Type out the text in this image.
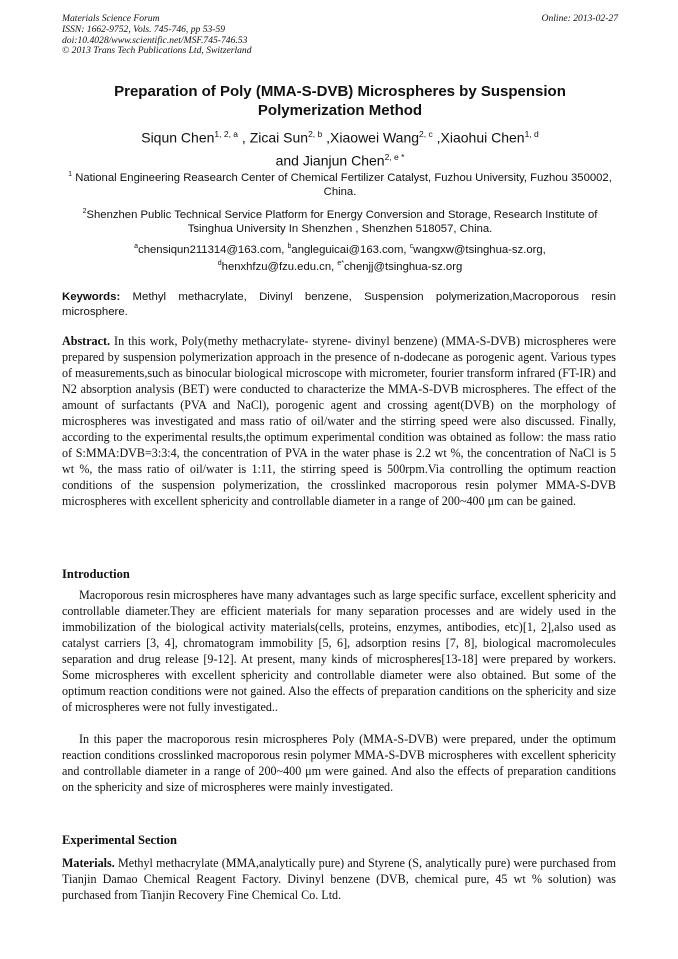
Materials Science Forum
ISSN: 1662-9752, Vols. 745-746, pp 53-59
doi:10.4028/www.scientific.net/MSF.745-746.53
© 2013 Trans Tech Publications Ltd, Switzerland
Online: 2013-02-27
Preparation of Poly (MMA-S-DVB) Microspheres by Suspension Polymerization Method
Siqun Chen$^{1, 2, a}$ , Zicai Sun$^{2, b}$ ,Xiaowei Wang$^{2, c}$ ,Xiaohui Chen$^{1, d}$
and Jianjun Chen$^{2, e *}$
$^1$ National Engineering Reasearch Center of Chemical Fertilizer Catalyst, Fuzhou University, Fuzhou 350002, China.
$^2$Shenzhen Public Technical Service Platform for Energy Conversion and Storage, Research Institute of Tsinghua University In Shenzhen , Shenzhen 518057, China.
$^a$chensiqun211314@163.com, $^b$angleguicai@163.com, $^c$wangxw@tsinghua-sz.org,
$^d$henxhfzu@fzu.edu.cn, $^{e*}$chenjj@tsinghua-sz.org
Keywords: Methyl methacrylate, Divinyl benzene, Suspension polymerization,Macroporous resin microsphere.
Abstract. In this work, Poly(methy methacrylate- styrene- divinyl benzene) (MMA-S-DVB) microspheres were prepared by suspension polymerization approach in the presence of n-dodecane as porogenic agent. Various types of measurements,such as binocular biological microscope with micrometer, fourier transform infrared (FT-IR) and N2 absorption analysis (BET) were conducted to characterize the MMA-S-DVB microspheres. The effect of the amount of surfactants (PVA and NaCl), porogenic agent and crossing agent(DVB) on the morphology of microspheres was investigated and mass ratio of oil/water and the stirring speed were also discussed. Finally, according to the experimental results,the optimum experimental condition was obtained as follow: the mass ratio of S:MMA:DVB=3:3:4, the concentration of PVA in the water phase is 2.2 wt %, the concentration of NaCl is 5 wt %, the mass ratio of oil/water is 1:11, the stirring speed is 500rpm.Via controlling the optimum reaction conditions of the suspension polymerization, the crosslinked macroporous resin polymer MMA-S-DVB microspheres with excellent sphericity and controllable diameter in a range of 200~400 μm can be gained.
Introduction
Macroporous resin microspheres have many advantages such as large specific surface, excellent sphericity and controllable diameter.They are efficient materials for many separation processes and are widely used in the immobilization of the biological activity materials(cells, proteins, enzymes, antibodies, etc)[1, 2],also used as catalyst carriers [3, 4], chromatogram immobility [5, 6], adsorption resins [7, 8], biological macromolecules separation and drug release [9-12]. At present, many kinds of microspheres[13-18] were prepared by workers. Some microspheres with excellent sphericity and controllable diameter were also obtained. But some of the optimum reaction conditions were not gained. Also the effects of preparation canditions on the sphericity and size of microspheres were not fully investigated..
In this paper the macroporous resin microspheres Poly (MMA-S-DVB) were prepared, under the optimum reaction conditions crosslinked macroporous resin polymer MMA-S-DVB microspheres with excellent sphericity and controllable diameter in a range of 200~400 μm were gained. And also the effects of preparation canditions on the sphericity and size of microspheres were mainly investigated.
Experimental Section
Materials. Methyl methacrylate (MMA,analytically pure) and Styrene (S, analytically pure) were purchased from Tianjin Damao Chemical Reagent Factory. Divinyl benzene (DVB, chemical pure, 45 wt % solution) was purchased from Tianjin Recovery Fine Chemical Co. Ltd.
